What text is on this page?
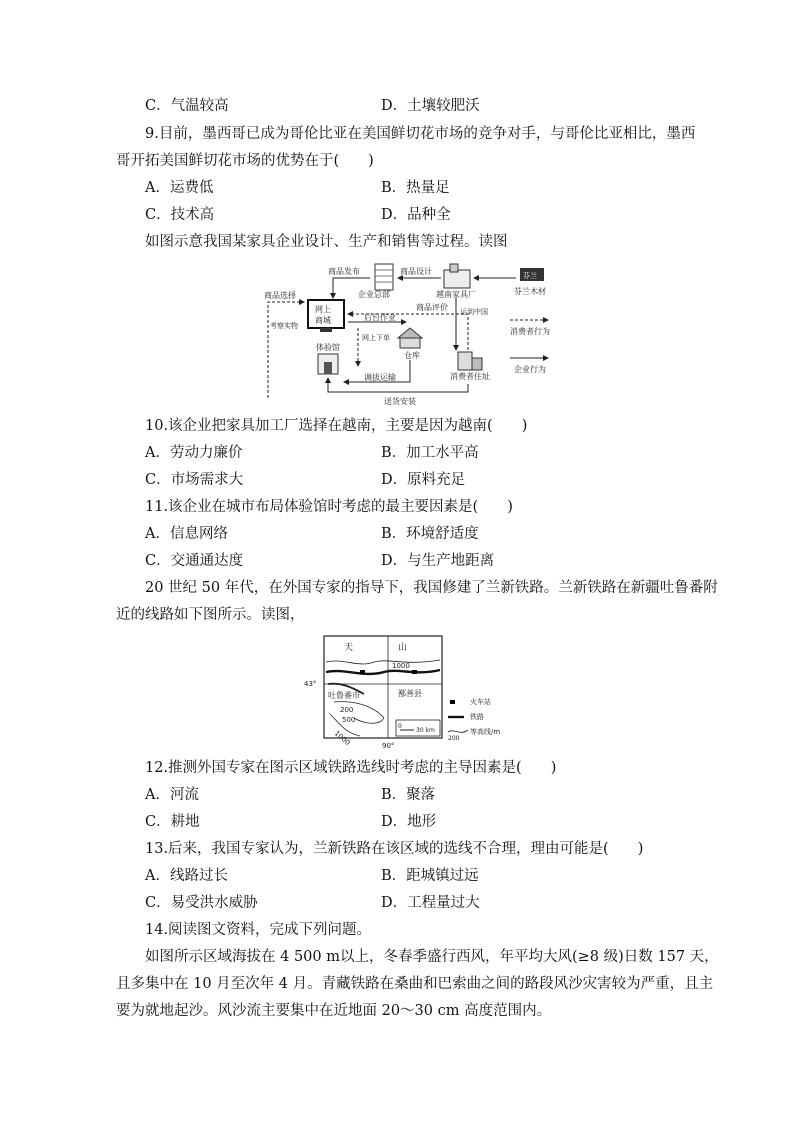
C．气温较高	D．土壤较肥沃
9.目前，墨西哥已成为哥伦比亚在美国鲜切花市场的竞争对手，与哥伦比亚相比，墨西
哥开拓美国鲜切花市场的优势在于(　　)
A．运费低	B．热量足
C．技术高	D．品种全
如图示意我国某家具企业设计、生产和销售等过程。读图
企业总部	越南家具厂
芬兰
芬兰木材
商品设计
商品发布
网上
商城
商品选择
商品评价 运到中国
后台作业
仓库
网上下单
考察实物
体验馆
调拔运输	消费者住址
送货安装
消费者行为
企业行为
10.该企业把家具加工厂选择在越南，主要是因为越南(　　)
A．劳动力廉价	B．加工水平高
C．市场需求大	D．原料充足
11.该企业在城市布局体验馆时考虑的最主要因素是(　　)
A．信息网络	B．环境舒适度
C．交通通达度	D．与生产地距离
20 世纪 50 年代，在外国专家的指导下，我国修建了兰新铁路。兰新铁路在新疆吐鲁番附
近的线路如下图所示。读图，
天	山
1000
43°
吐鲁番市	鄯善县
200
500
1000
0
30 km
90°
火车站
铁路
200
等高线/m
12.推测外国专家在图示区域铁路选线时考虑的主导因素是(　　)
A．河流	B．聚落
C．耕地	D．地形
13.后来，我国专家认为，兰新铁路在该区域的选线不合理，理由可能是(　　)
A．线路过长	B．距城镇过远
C．易受洪水威胁	D．工程量过大
14.阅读图文资料，完成下列问题。
如图所示区域海拔在 4 500 m以上，冬春季盛行西风，年平均大风(≥8 级)日数 157 天，
且多集中在 10 月至次年 4 月。青藏铁路在桑曲和巴索曲之间的路段风沙灾害较为严重，且主
要为就地起沙。风沙流主要集中在近地面 20～30 cm 高度范围内。
